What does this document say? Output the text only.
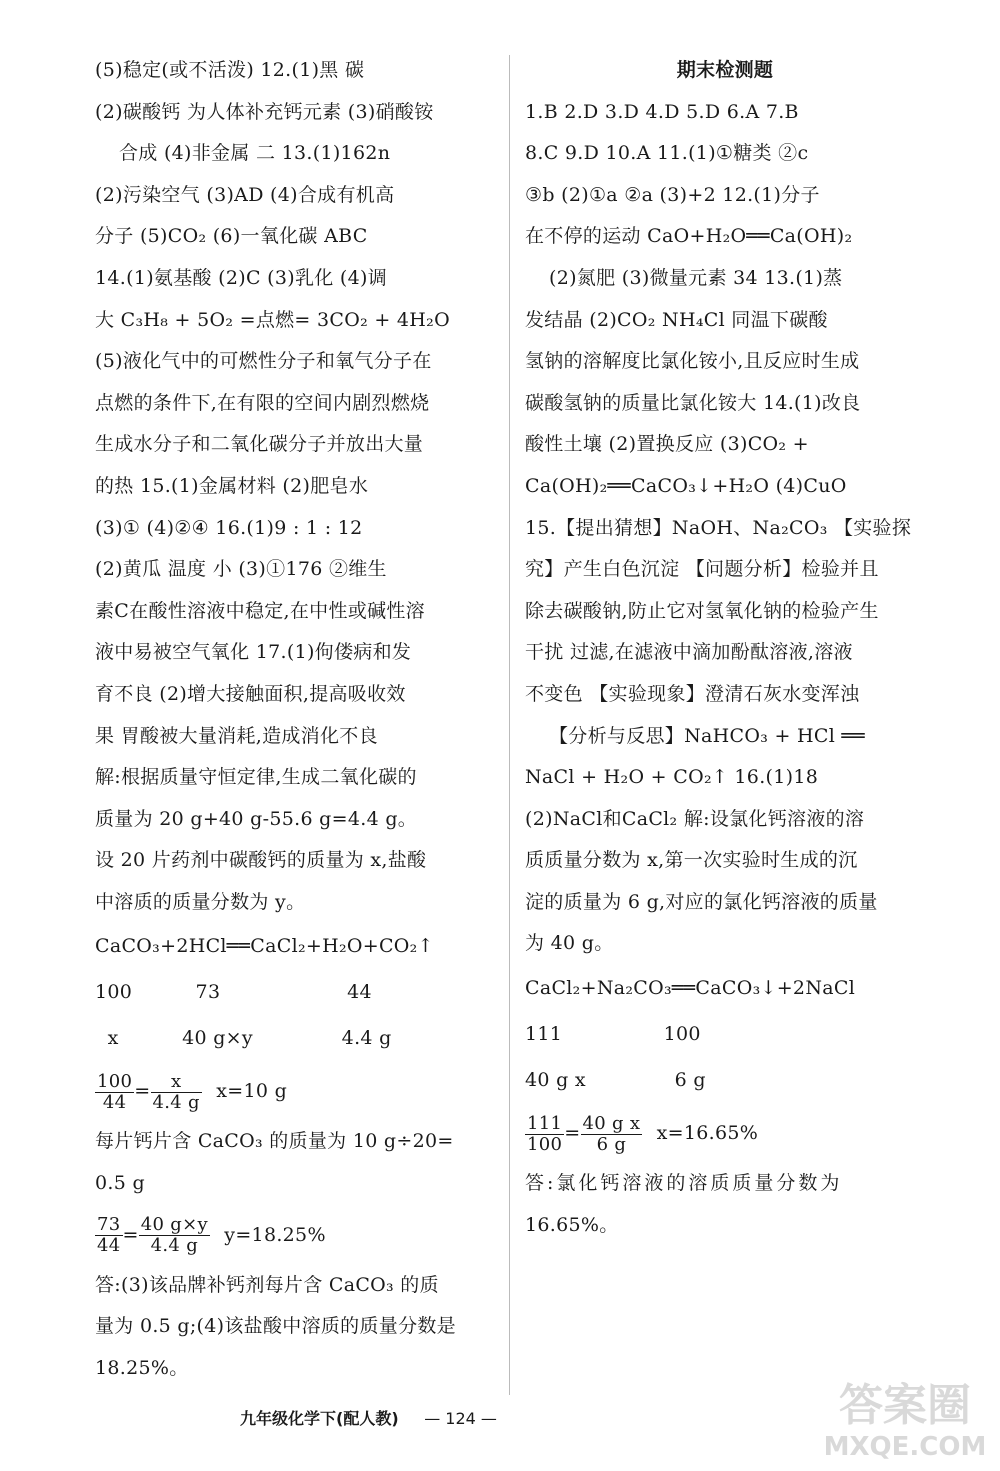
(5)稳定(或不活泼) 12.(1)黑 碳
(2)碳酸钙 为人体补充钙元素 (3)硝酸铵
合成 (4)非金属 二 13.(1)162n
(2)污染空气 (3)AD (4)合成有机高
分子 (5)CO₂ (6)一氧化碳 ABC
14.(1)氨基酸 (2)C (3)乳化 (4)调
大 C₃H₈ + 5O₂ =点燃= 3CO₂ + 4H₂O
(5)液化气中的可燃性分子和氧气分子在
点燃的条件下,在有限的空间内剧烈燃烧
生成水分子和二氧化碳分子并放出大量
的热 15.(1)金属材料 (2)肥皂水
(3)① (4)②④ 16.(1)9 : 1 : 12
(2)黄瓜 温度 小 (3)①176 ②维生
素C在酸性溶液中稳定,在中性或碱性溶
液中易被空气氧化 17.(1)佝偻病和发
育不良 (2)增大接触面积,提高吸收效
果 胃酸被大量消耗,造成消化不良
解:根据质量守恒定律,生成二氧化碳的
质量为 20 g+40 g-55.6 g=4.4 g。
设 20 片药剂中碳酸钙的质量为 x,盐酸
中溶质的质量分数为 y。
CaCO₃+2HCl══CaCl₂+H₂O+CO₂↑
100          73                    44
x          40 g×y              4.4 g
$\frac{100}{44} = \frac{x}{4.4 g} x=10$ g
每片钙片含 CaCO₃ 的质量为 10 g÷20=
0.5 g
$\frac{73}{44} = \frac{40 g\times y}{4.4 g} y=18.25\%$
答:(3)该品牌补钙剂每片含 CaCO₃ 的质
量为 0.5 g;(4)该盐酸中溶质的质量分数是
18.25%。
期末检测题
1.B 2.D 3.D 4.D 5.D 6.A 7.B
8.C 9.D 10.A 11.(1)①糖类 ②c
③b (2)①a ②a (3)+2 12.(1)分子
在不停的运动 CaO+H₂O══Ca(OH)₂
(2)氮肥 (3)微量元素 34 13.(1)蒸
发结晶 (2)CO₂ NH₄Cl 同温下碳酸
氢钠的溶解度比氯化铵小,且反应时生成
碳酸氢钠的质量比氯化铵大 14.(1)改良
酸性土壤 (2)置换反应 (3)CO₂ +
Ca(OH)₂══CaCO₃↓+H₂O (4)CuO
15.【提出猜想】NaOH、Na₂CO₃ 【实验探
究】产生白色沉淀 【问题分析】检验并且
除去碳酸钠,防止它对氢氧化钠的检验产生
干扰 过滤,在滤液中滴加酚酞溶液,溶液
不变色 【实验现象】澄清石灰水变浑浊
【分析与反思】NaHCO₃ + HCl ══
NaCl + H₂O + CO₂↑ 16.(1)18
(2)NaCl和CaCl₂ 解:设氯化钙溶液的溶
质质量分数为 x,第一次实验时生成的沉
淀的质量为 6 g,对应的氯化钙溶液的质量
为 40 g。
CaCl₂+Na₂CO₃══CaCO₃↓+2NaCl
111                100
40 g x              6 g
$\frac{111}{100} = \frac{\text{40 g x}}{6 g} x=16.65\%$
答:氯化钙溶液的溶质质量分数为
16.65%。
九年级化学下(配人教) — 124 —	答案圈
MXQE.COM
